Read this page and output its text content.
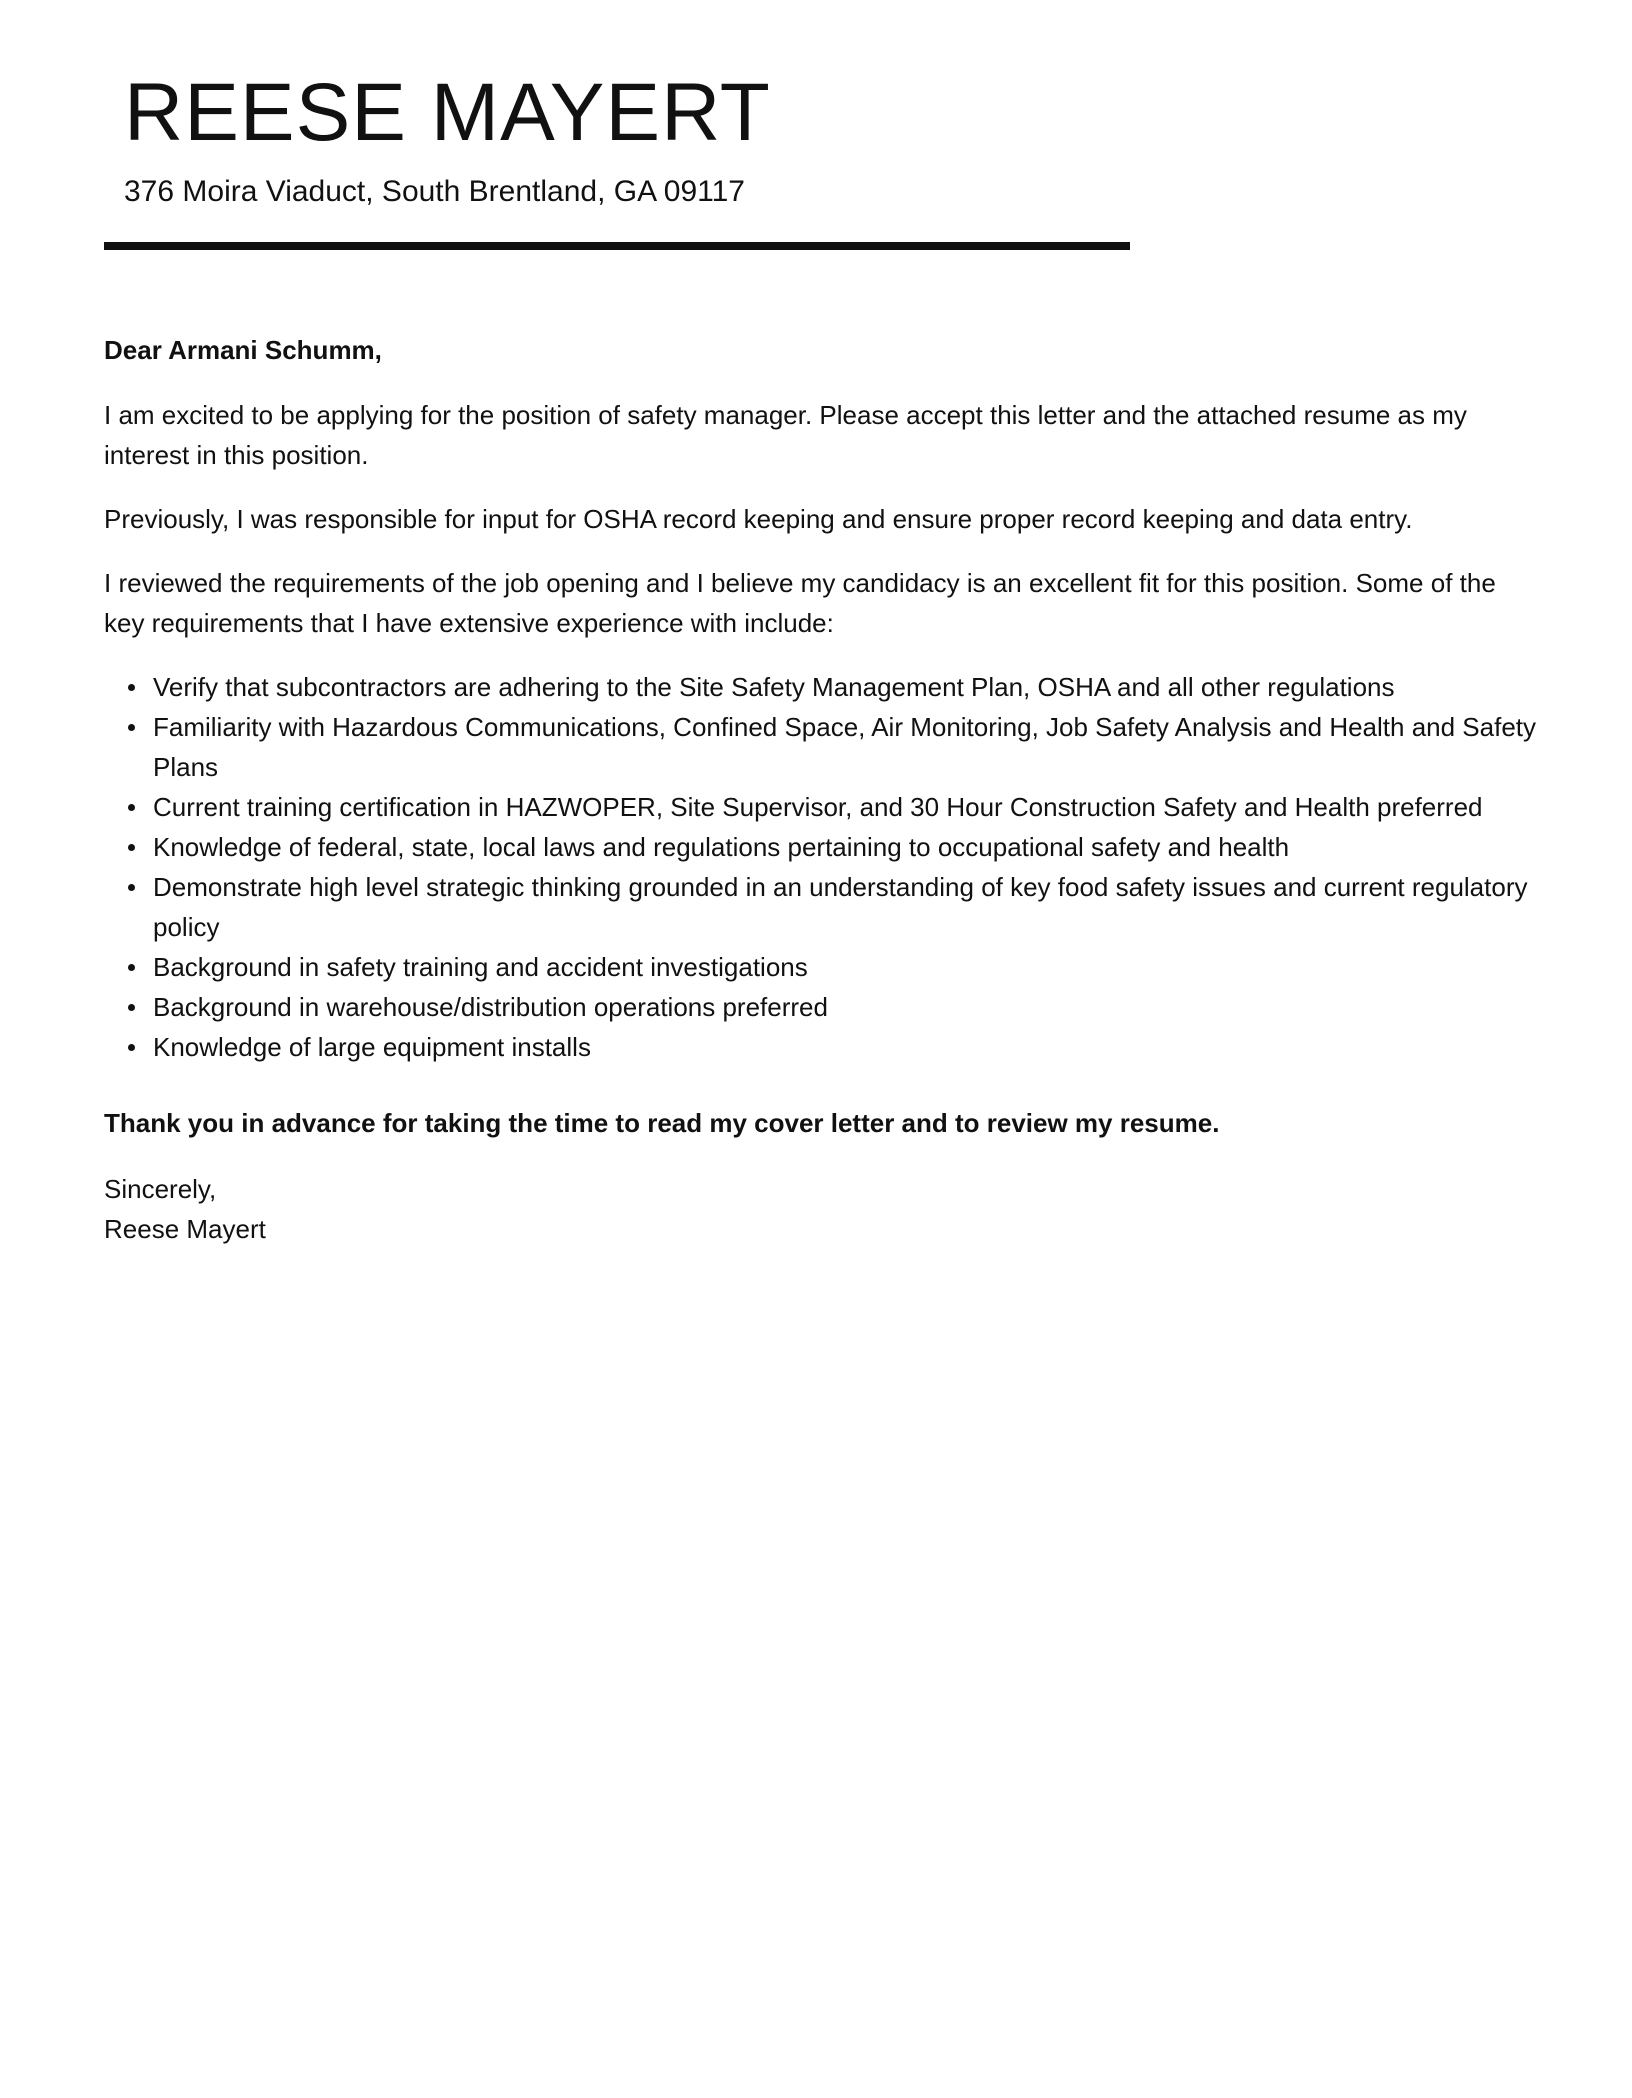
REESE MAYERT
376 Moira Viaduct, South Brentland, GA 09117

Dear Armani Schumm,

I am excited to be applying for the position of safety manager. Please accept this letter and the attached resume as my interest in this position.

Previously, I was responsible for input for OSHA record keeping and ensure proper record keeping and data entry.

I reviewed the requirements of the job opening and I believe my candidacy is an excellent fit for this position. Some of the key requirements that I have extensive experience with include:

Verify that subcontractors are adhering to the Site Safety Management Plan, OSHA and all other regulations
Familiarity with Hazardous Communications, Confined Space, Air Monitoring, Job Safety Analysis and Health and Safety Plans
Current training certification in HAZWOPER, Site Supervisor, and 30 Hour Construction Safety and Health preferred
Knowledge of federal, state, local laws and regulations pertaining to occupational safety and health
Demonstrate high level strategic thinking grounded in an understanding of key food safety issues and current regulatory policy
Background in safety training and accident investigations
Background in warehouse/distribution operations preferred
Knowledge of large equipment installs

Thank you in advance for taking the time to read my cover letter and to review my resume.

Sincerely,
Reese Mayert
